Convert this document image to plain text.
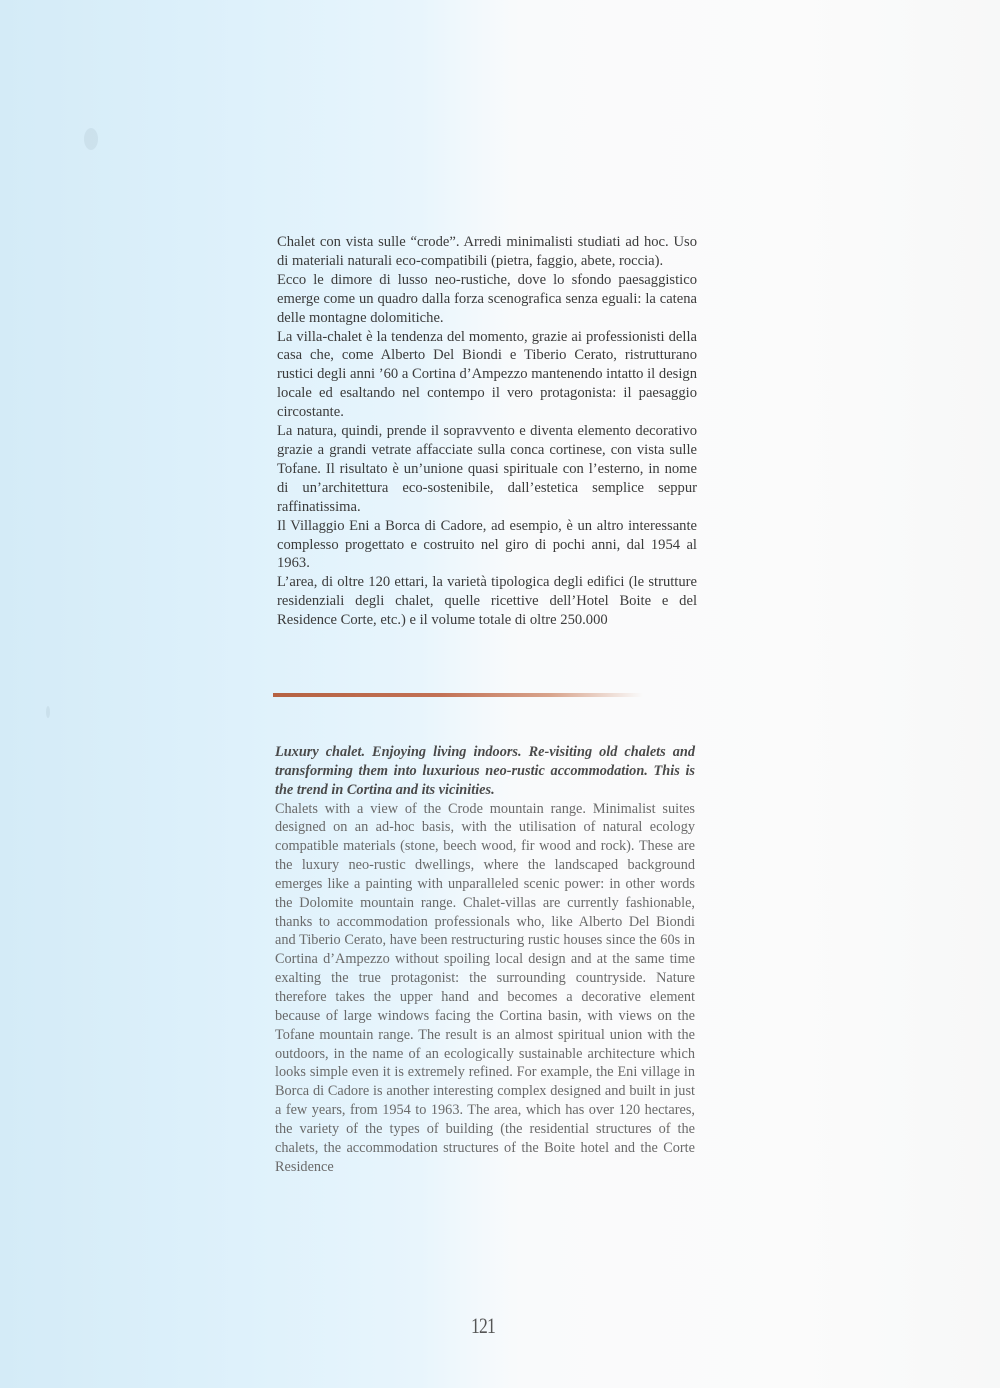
Chalet con vista sulle “crode”. Arredi minimalisti studiati ad hoc. Uso di materiali naturali eco-compatibili (pietra, faggio, abete, roccia).

Ecco le dimore di lusso neo-rustiche, dove lo sfondo paesaggistico emerge come un quadro dalla forza scenografica senza eguali: la catena delle montagne dolomitiche.

La villa-chalet è la tendenza del momento, grazie ai professionisti della casa che, come Alberto Del Biondi e Tiberio Cerato, ristrutturano rustici degli anni ’60 a Cortina d’Ampezzo mantenendo intatto il design locale ed esaltando nel contempo il vero protagonista: il paesaggio circostante.

La natura, quindi, prende il sopravvento e diventa elemento decorativo grazie a grandi vetrate affacciate sulla conca cortinese, con vista sulle Tofane. Il risultato è un’unione quasi spirituale con l’esterno, in nome di un’architettura eco-sostenibile, dall’estetica semplice seppur raffinatissima.

Il Villaggio Eni a Borca di Cadore, ad esempio, è un altro interessante complesso progettato e costruito nel giro di pochi anni, dal 1954 al 1963.

L’area, di oltre 120 ettari, la varietà tipologica degli edifici (le strutture residenziali degli chalet, quelle ricettive dell’Hotel Boite e del Residence Corte, etc.) e il volume totale di oltre 250.000

Luxury chalet. Enjoying living indoors. Re-visiting old chalets and transforming them into luxurious neo-rustic accommodation. This is the trend in Cortina and its vicinities.

Chalets with a view of the Crode mountain range. Minimalist suites designed on an ad-hoc basis, with the utilisation of natural ecology compatible materials (stone, beech wood, fir wood and rock). These are the luxury neo-rustic dwellings, where the landscaped background emerges like a painting with unparalleled scenic power: in other words the Dolomite mountain range. Chalet-villas are currently fashionable, thanks to accommodation professionals who, like Alberto Del Biondi and Tiberio Cerato, have been restructuring rustic houses since the 60s in Cortina d’Ampezzo without spoiling local design and at the same time exalting the true protagonist: the surrounding countryside. Nature therefore takes the upper hand and becomes a decorative element because of large windows facing the Cortina basin, with views on the Tofane mountain range. The result is an almost spiritual union with the outdoors, in the name of an ecologically sustainable architecture which looks simple even it is extremely refined. For example, the Eni village in Borca di Cadore is another interesting complex designed and built in just a few years, from 1954 to 1963. The area, which has over 120 hectares, the variety of the types of building (the residential structures of the chalets, the accommodation structures of the Boite hotel and the Corte Residence

121
